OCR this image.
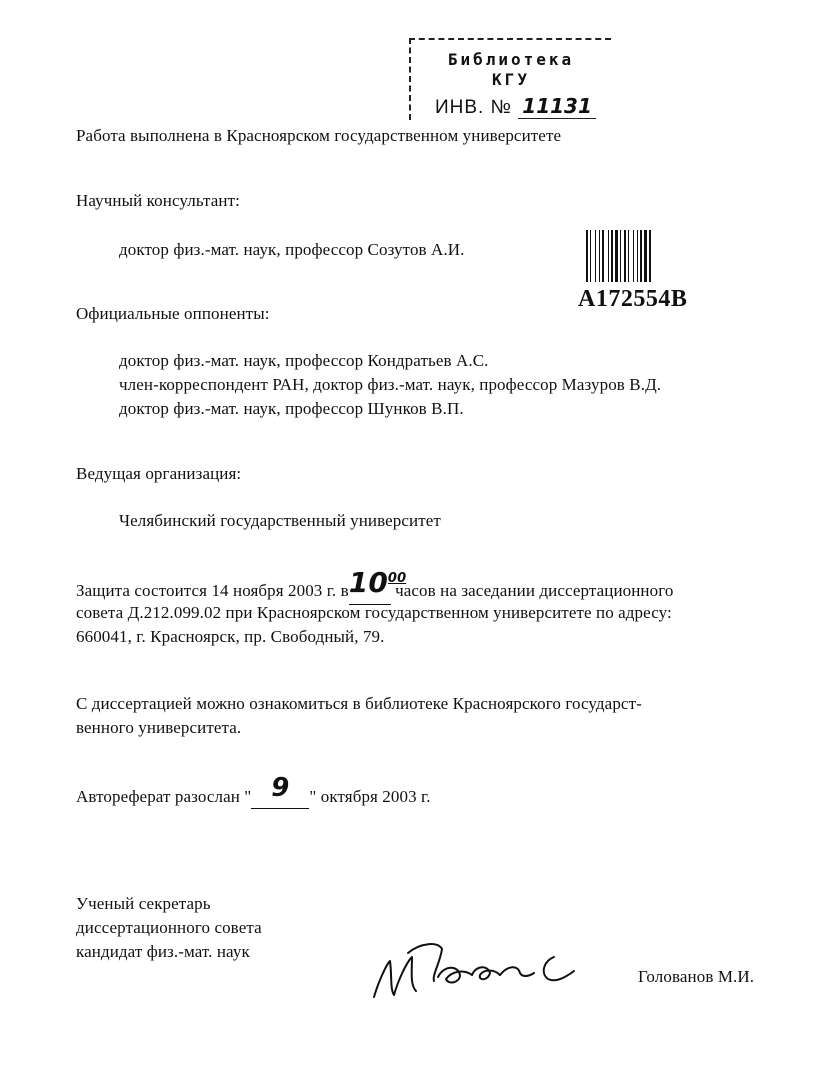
Библиотека
КГУ
ИНВ. № 11131
A172554B
Работа выполнена в Красноярском государственном университете
Научный консультант:
доктор физ.-мат. наук, профессор Созутов А.И.
Официальные оппоненты:
доктор физ.-мат. наук, профессор Кондратьев А.С.
член-корреспондент РАН, доктор физ.-мат. наук, профессор Мазуров В.Д.
доктор физ.-мат. наук, профессор Шунков В.П.
Ведущая организация:
Челябинский государственный университет
Защита состоится 14 ноября 2003 г. $в10^{00}$ часов на заседании диссертационного
совета Д.212.099.02 при Красноярском государственном университете по адресу:
660041, г. Красноярск, пр. Свободный, 79.
С диссертацией можно ознакомиться в библиотеке Красноярского государст-
венного университета.
Автореферат разослан " 9 " октября 2003 г.
Ученый секретарь
диссертационного совета
кандидат физ.-мат. наук
Голованов М.И.
